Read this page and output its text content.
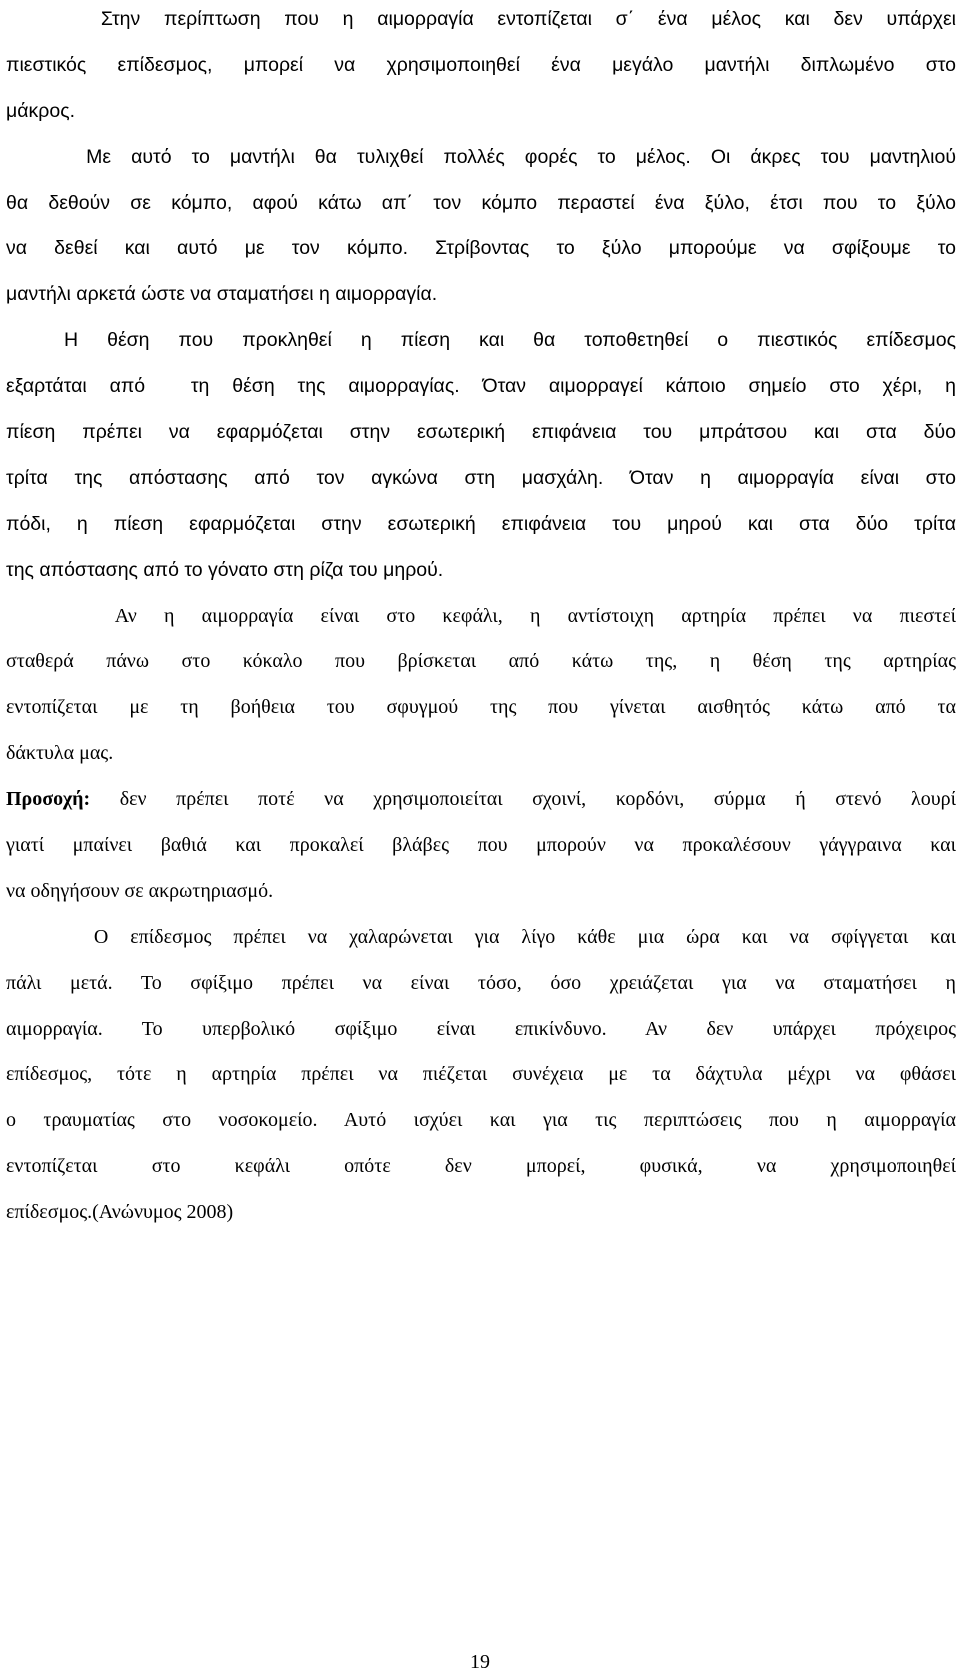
Στην περίπτωση που η αιμορραγία εντοπίζεται σ΄ ένα μέλος και δεν υπάρχει
πιεστικός επίδεσμος, μπορεί να χρησιμοποιηθεί ένα μεγάλο μαντήλι διπλωμένο στο
μάκρος.
Με αυτό το μαντήλι θα τυλιχθεί πολλές φορές το μέλος. Οι άκρες του μαντηλιού
θα δεθούν σε κόμπο, αφού κάτω απ΄ τον κόμπο περαστεί ένα ξύλο, έτσι που το ξύλο
να δεθεί και αυτό με τον κόμπο. Στρίβοντας το ξύλο μπορούμε να σφίξουμε το
μαντήλι αρκετά ώστε να σταματήσει η αιμορραγία.
Η θέση που προκληθεί η πίεση και θα τοποθετηθεί ο πιεστικός επίδεσμος
εξαρτάται από  τη θέση της αιμορραγίας. Όταν αιμορραγεί κάποιο σημείο στο χέρι, η
πίεση πρέπει να εφαρμόζεται στην εσωτερική επιφάνεια του μπράτσου και στα δύο
τρίτα της απόστασης από τον αγκώνα στη μασχάλη. Όταν η αιμορραγία είναι στο
πόδι, η πίεση εφαρμόζεται στην εσωτερική επιφάνεια του μηρού και στα δύο τρίτα
της απόστασης από το γόνατο στη ρίζα του μηρού.
Αν η αιμορραγία είναι στο κεφάλι, η αντίστοιχη αρτηρία πρέπει να πιεστεί
σταθερά πάνω στο κόκαλο που βρίσκεται από κάτω της, η θέση της αρτηρίας
εντοπίζεται με τη βοήθεια του σφυγμού της που γίνεται αισθητός κάτω από τα
δάκτυλα μας.
Προσοχή: δεν πρέπει ποτέ να χρησιμοποιείται σχοινί, κορδόνι, σύρμα ή στενό λουρί
γιατί μπαίνει βαθιά και προκαλεί βλάβες που μπορούν να προκαλέσουν γάγγραινα και
να οδηγήσουν σε ακρωτηριασμό.
Ο επίδεσμος πρέπει να χαλαρώνεται για λίγο κάθε μια ώρα και να σφίγγεται και
πάλι μετά. Το σφίξιμο πρέπει να είναι τόσο, όσο χρειάζεται για να σταματήσει η
αιμορραγία. Το υπερβολικό σφίξιμο είναι επικίνδυνο. Αν δεν υπάρχει πρόχειρος
επίδεσμος, τότε η αρτηρία πρέπει να πιέζεται συνέχεια με τα δάχτυλα μέχρι να φθάσει
ο τραυματίας στο νοσοκομείο. Αυτό ισχύει και για τις περιπτώσεις που η αιμορραγία
εντοπίζεται στο κεφάλι οπότε δεν μπορεί, φυσικά, να χρησιμοποιηθεί
επίδεσμος.(Ανώνυμος 2008)
19
